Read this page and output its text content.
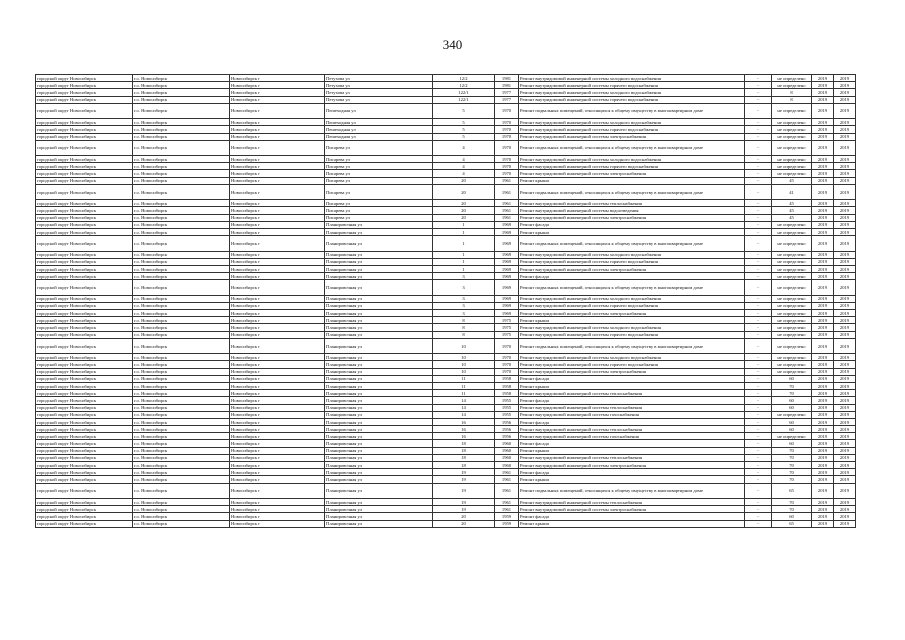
340
городской округ Новосибирск	г.о. Новосибирск	Новосибирск г	Петухова ул	12/2	1981	Ремонт внутридомовой инженерной системы холодного водоснабжения	-	не определено	2019	2019
городской округ Новосибирск	г.о. Новосибирск	Новосибирск г	Петухова ул	12/2	1981	Ремонт внутридомовой инженерной системы горячего водоснабжения	-	не определено	2019	2019
городской округ Новосибирск	г.о. Новосибирск	Новосибирск г	Петухова ул	122/1	1977	Ремонт внутридомовой инженерной системы холодного водоснабжения	-	8	2019	2019
городской округ Новосибирск	г.о. Новосибирск	Новосибирск г	Петухова ул	122/1	1977	Ремонт внутридомовой инженерной системы горячего водоснабжения	-	8	2019	2019
городской округ Новосибирск	г.о. Новосибирск	Новосибирск г	Пешеходная ул	5	1970	Ремонт подвальных помещений, относящихся к общему имуществу в многоквартирном доме	-	не определено	2019	2019
городской округ Новосибирск	г.о. Новосибирск	Новосибирск г	Пешеходная ул	5	1970	Ремонт внутридомовой инженерной системы холодного водоснабжения	-	не определено	2019	2019
городской округ Новосибирск	г.о. Новосибирск	Новосибирск г	Пешеходная ул	5	1970	Ремонт внутридомовой инженерной системы горячего водоснабжения	-	не определено	2019	2019
городской округ Новосибирск	г.о. Новосибирск	Новосибирск г	Пешеходная ул	5	1970	Ремонт внутридомовой инженерной системы электроснабжения	-	не определено	2019	2019
городской округ Новосибирск	г.о. Новосибирск	Новосибирск г	Писарева ул	4	1970	Ремонт подвальных помещений, относящихся к общему имуществу в многоквартирном доме	-	не определено	2019	2019
городской округ Новосибирск	г.о. Новосибирск	Новосибирск г	Писарева ул	4	1970	Ремонт внутридомовой инженерной системы холодного водоснабжения	-	не определено	2019	2019
городской округ Новосибирск	г.о. Новосибирск	Новосибирск г	Писарева ул	4	1970	Ремонт внутридомовой инженерной системы горячего водоснабжения	-	не определено	2019	2019
городской округ Новосибирск	г.о. Новосибирск	Новосибирск г	Писарева ул	4	1970	Ремонт внутридомовой инженерной системы электроснабжения	-	не определено	2019	2019
городской округ Новосибирск	г.о. Новосибирск	Новосибирск г	Писарева ул	20	1961	Ремонт крыши	-	45	2019	2019
городской округ Новосибирск	г.о. Новосибирск	Новосибирск г	Писарева ул	20	1961	Ремонт подвальных помещений, относящихся к общему имуществу в многоквартирном доме	-	41	2019	2019
городской округ Новосибирск	г.о. Новосибирск	Новосибирск г	Писарева ул	20	1961	Ремонт внутридомовой инженерной системы теплоснабжения	-	45	2019	2019
городской округ Новосибирск	г.о. Новосибирск	Новосибирск г	Писарева ул	20	1961	Ремонт внутридомовой инженерной системы водоотведения	-	45	2019	2019
городской округ Новосибирск	г.о. Новосибирск	Новосибирск г	Писарева ул	20	1961	Ремонт внутридомовой инженерной системы электроснабжения	-	45	2019	2019
городской округ Новосибирск	г.о. Новосибирск	Новосибирск г	Планировочная ул	1	1969	Ремонт фасада	-	не определено	2019	2019
городской округ Новосибирск	г.о. Новосибирск	Новосибирск г	Планировочная ул	1	1969	Ремонт крыши	-	не определено	2019	2019
городской округ Новосибирск	г.о. Новосибирск	Новосибирск г	Планировочная ул	1	1969	Ремонт подвальных помещений, относящихся к общему имуществу в многоквартирном доме	-	не определено	2019	2019
городской округ Новосибирск	г.о. Новосибирск	Новосибирск г	Планировочная ул	1	1969	Ремонт внутридомовой инженерной системы холодного водоснабжения	-	не определено	2019	2019
городской округ Новосибирск	г.о. Новосибирск	Новосибирск г	Планировочная ул	1	1969	Ремонт внутридомовой инженерной системы горячего водоснабжения	-	не определено	2019	2019
городской округ Новосибирск	г.о. Новосибирск	Новосибирск г	Планировочная ул	1	1969	Ремонт внутридомовой инженерной системы электроснабжения	-	не определено	2019	2019
городской округ Новосибирск	г.о. Новосибирск	Новосибирск г	Планировочная ул	3	1969	Ремонт фасада	-	не определено	2019	2019
городской округ Новосибирск	г.о. Новосибирск	Новосибирск г	Планировочная ул	3	1969	Ремонт подвальных помещений, относящихся к общему имуществу в многоквартирном доме	-	не определено	2019	2019
городской округ Новосибирск	г.о. Новосибирск	Новосибирск г	Планировочная ул	3	1969	Ремонт внутридомовой инженерной системы холодного водоснабжения	-	не определено	2019	2019
городской округ Новосибирск	г.о. Новосибирск	Новосибирск г	Планировочная ул	3	1969	Ремонт внутридомовой инженерной системы горячего водоснабжения	-	не определено	2019	2019
городской округ Новосибирск	г.о. Новосибирск	Новосибирск г	Планировочная ул	3	1969	Ремонт внутридомовой инженерной системы электроснабжения	-	не определено	2019	2019
городской округ Новосибирск	г.о. Новосибирск	Новосибирск г	Планировочная ул	8	1975	Ремонт крыши	-	не определено	2019	2019
городской округ Новосибирск	г.о. Новосибирск	Новосибирск г	Планировочная ул	8	1975	Ремонт внутридомовой инженерной системы холодного водоснабжения	-	не определено	2019	2019
городской округ Новосибирск	г.о. Новосибирск	Новосибирск г	Планировочная ул	8	1975	Ремонт внутридомовой инженерной системы горячего водоснабжения	-	не определено	2019	2019
городской округ Новосибирск	г.о. Новосибирск	Новосибирск г	Планировочная ул	10	1970	Ремонт подвальных помещений, относящихся к общему имуществу в многоквартирном доме	-	не определено	2019	2019
городской округ Новосибирск	г.о. Новосибирск	Новосибирск г	Планировочная ул	10	1970	Ремонт внутридомовой инженерной системы холодного водоснабжения	-	не определено	2019	2019
городской округ Новосибирск	г.о. Новосибирск	Новосибирск г	Планировочная ул	10	1970	Ремонт внутридомовой инженерной системы горячего водоснабжения	-	не определено	2019	2019
городской округ Новосибирск	г.о. Новосибирск	Новосибирск г	Планировочная ул	10	1970	Ремонт внутридомовой инженерной системы электроснабжения	-	не определено	2019	2019
городской округ Новосибирск	г.о. Новосибирск	Новосибирск г	Планировочная ул	11	1958	Ремонт фасада	-	60	2019	2019
городской округ Новосибирск	г.о. Новосибирск	Новосибирск г	Планировочная ул	11	1958	Ремонт крыши	-	70	2019	2019
городской округ Новосибирск	г.о. Новосибирск	Новосибирск г	Планировочная ул	11	1958	Ремонт внутридомовой инженерной системы теплоснабжения	-	70	2019	2019
городской округ Новосибирск	г.о. Новосибирск	Новосибирск г	Планировочная ул	14	1955	Ремонт фасада	-	60	2019	2019
городской округ Новосибирск	г.о. Новосибирск	Новосибирск г	Планировочная ул	14	1955	Ремонт внутридомовой инженерной системы теплоснабжения	-	60	2019	2019
городской округ Новосибирск	г.о. Новосибирск	Новосибирск г	Планировочная ул	14	1955	Ремонт внутридомовой инженерной системы газоснабжения	-	не определено	2019	2019
городской округ Новосибирск	г.о. Новосибирск	Новосибирск г	Планировочная ул	16	1956	Ремонт фасада	-	60	2019	2019
городской округ Новосибирск	г.о. Новосибирск	Новосибирск г	Планировочная ул	16	1956	Ремонт внутридомовой инженерной системы теплоснабжения	-	60	2019	2019
городской округ Новосибирск	г.о. Новосибирск	Новосибирск г	Планировочная ул	16	1956	Ремонт внутридомовой инженерной системы газоснабжения	-	не определено	2019	2019
городской округ Новосибирск	г.о. Новосибирск	Новосибирск г	Планировочная ул	18	1960	Ремонт фасада	-	60	2019	2019
городской округ Новосибирск	г.о. Новосибирск	Новосибирск г	Планировочная ул	18	1960	Ремонт крыши	-	70	2019	2019
городской округ Новосибирск	г.о. Новосибирск	Новосибирск г	Планировочная ул	18	1960	Ремонт внутридомовой инженерной системы теплоснабжения	-	70	2019	2019
городской округ Новосибирск	г.о. Новосибирск	Новосибирск г	Планировочная ул	18	1960	Ремонт внутридомовой инженерной системы электроснабжения	-	70	2019	2019
городской округ Новосибирск	г.о. Новосибирск	Новосибирск г	Планировочная ул	19	1961	Ремонт фасада	-	70	2019	2019
городской округ Новосибирск	г.о. Новосибирск	Новосибирск г	Планировочная ул	19	1961	Ремонт крыши	-	70	2019	2019
городской округ Новосибирск	г.о. Новосибирск	Новосибирск г	Планировочная ул	19	1961	Ремонт подвальных помещений, относящихся к общему имуществу в многоквартирном доме	-	65	2019	2019
городской округ Новосибирск	г.о. Новосибирск	Новосибирск г	Планировочная ул	19	1961	Ремонт внутридомовой инженерной системы теплоснабжения	-	70	2019	2019
городской округ Новосибирск	г.о. Новосибирск	Новосибирск г	Планировочная ул	19	1961	Ремонт внутридомовой инженерной системы электроснабжения	-	70	2019	2019
городской округ Новосибирск	г.о. Новосибирск	Новосибирск г	Планировочная ул	20	1959	Ремонт фасада	-	60	2019	2019
городской округ Новосибирск	г.о. Новосибирск	Новосибирск г	Планировочная ул	20	1959	Ремонт крыши	-	65	2019	2019
